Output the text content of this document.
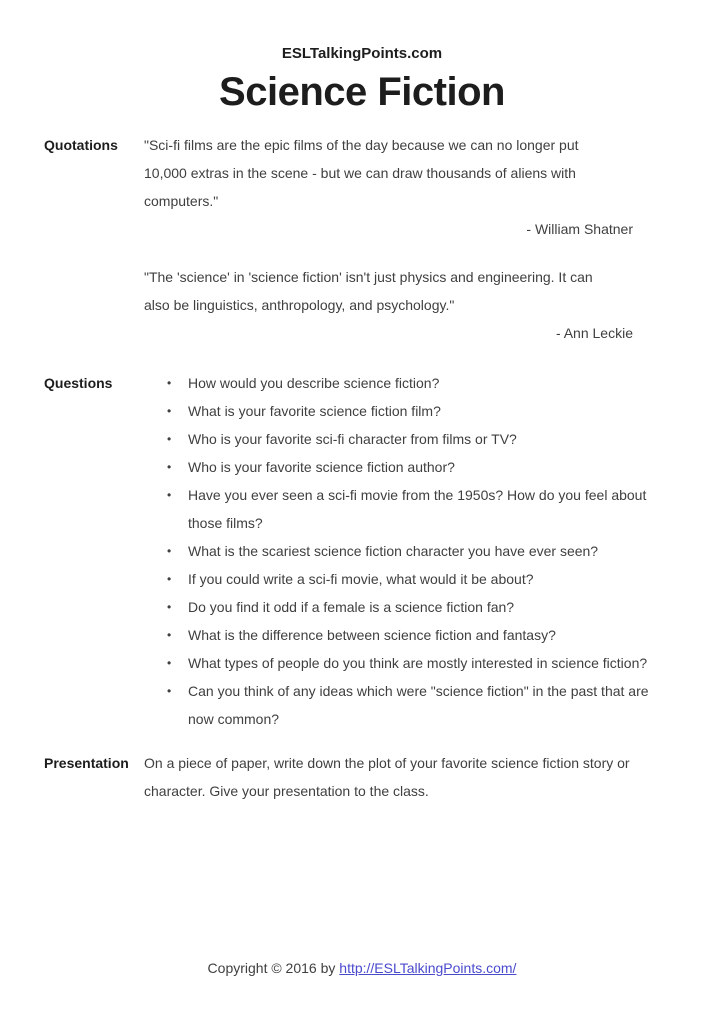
ESLTalkingPoints.com
Science Fiction
Quotations	"Sci-fi films are the epic films of the day because we can no longer put
10,000 extras in the scene - but we can draw thousands of aliens with
computers."
- William Shatner
"The 'science' in 'science fiction' isn't just physics and engineering. It can
also be linguistics, anthropology, and psychology."
- Ann Leckie
Questions	•	How would you describe science fiction?
•	What is your favorite science fiction film?
•	Who is your favorite sci-fi character from films or TV?
•	Who is your favorite science fiction author?
•	Have you ever seen a sci-fi movie from the 1950s? How do you feel about
those films?
•	What is the scariest science fiction character you have ever seen?
•	If you could write a sci-fi movie, what would it be about?
•	Do you find it odd if a female is a science fiction fan?
•	What is the difference between science fiction and fantasy?
•	What types of people do you think are mostly interested in science fiction?
•	Can you think of any ideas which were "science fiction" in the past that are
now common?
Presentation	On a piece of paper, write down the plot of your favorite science fiction story or
character. Give your presentation to the class.
Copyright © 2016 by http://ESLTalkingPoints.com/
